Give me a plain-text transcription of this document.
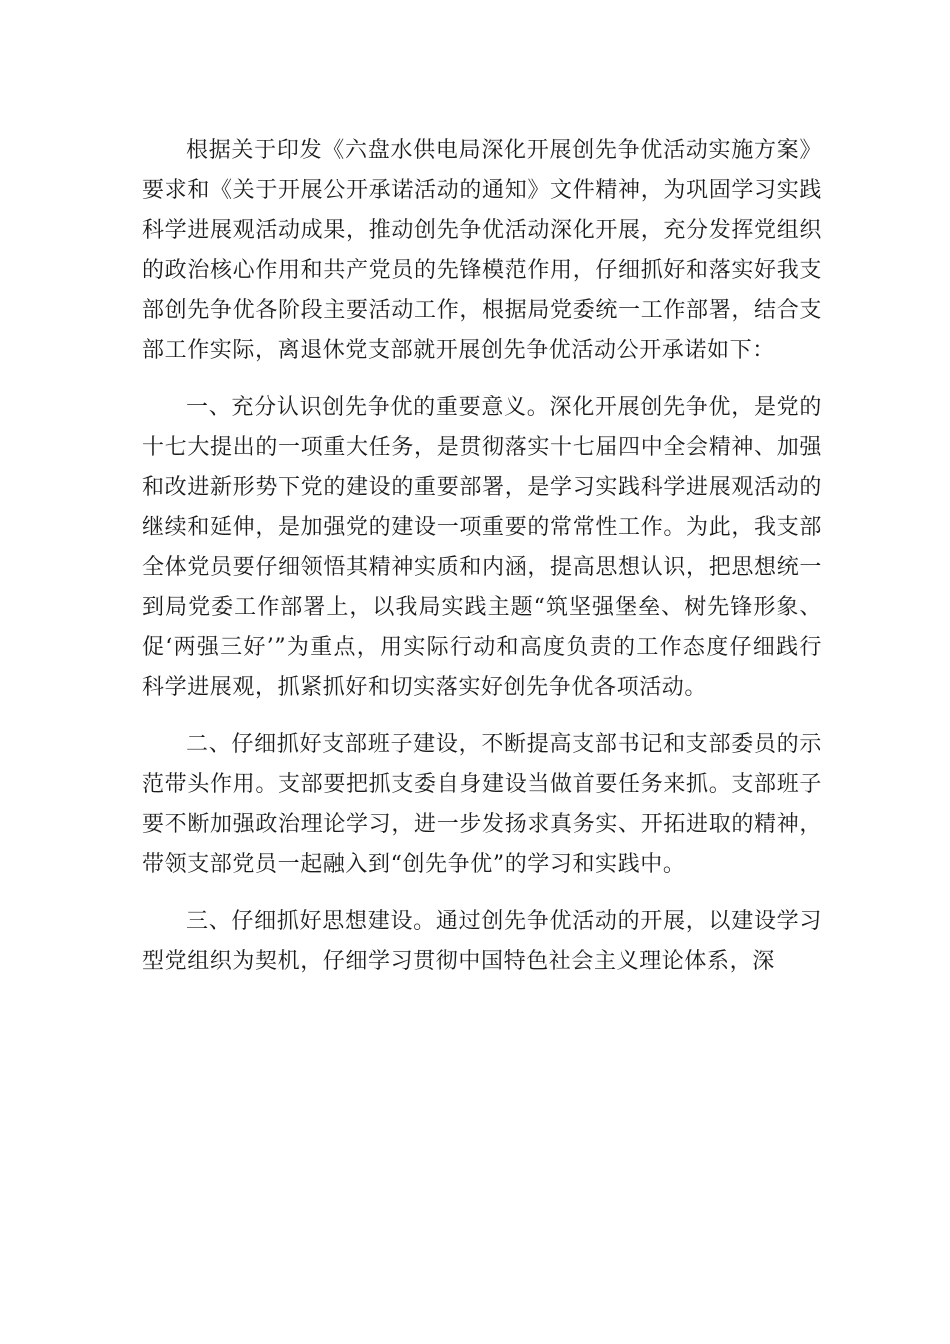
根据关于印发《六盘水供电局深化开展创先争优活动实施方案》要求和《关于开展公开承诺活动的通知》文件精神，为巩固学习实践科学进展观活动成果，推动创先争优活动深化开展，充分发挥党组织的政治核心作用和共产党员的先锋模范作用，仔细抓好和落实好我支部创先争优各阶段主要活动工作，根据局党委统一工作部署，结合支部工作实际，离退休党支部就开展创先争优活动公开承诺如下：

一、充分认识创先争优的重要意义。深化开展创先争优，是党的十七大提出的一项重大任务，是贯彻落实十七届四中全会精神、加强和改进新形势下党的建设的重要部署，是学习实践科学进展观活动的继续和延伸，是加强党的建设一项重要的常常性工作。为此，我支部全体党员要仔细领悟其精神实质和内涵，提高思想认识，把思想统一到局党委工作部署上，以我局实践主题“筑坚强堡垒、树先锋形象、促‘两强三好’”为重点，用实际行动和高度负责的工作态度仔细践行科学进展观，抓紧抓好和切实落实好创先争优各项活动。

二、仔细抓好支部班子建设，不断提高支部书记和支部委员的示范带头作用。支部要把抓支委自身建设当做首要任务来抓。支部班子要不断加强政治理论学习，进一步发扬求真务实、开拓进取的精神，带领支部党员一起融入到“创先争优”的学习和实践中。

三、仔细抓好思想建设。通过创先争优活动的开展，以建设学习型党组织为契机，仔细学习贯彻中国特色社会主义理论体系，深
